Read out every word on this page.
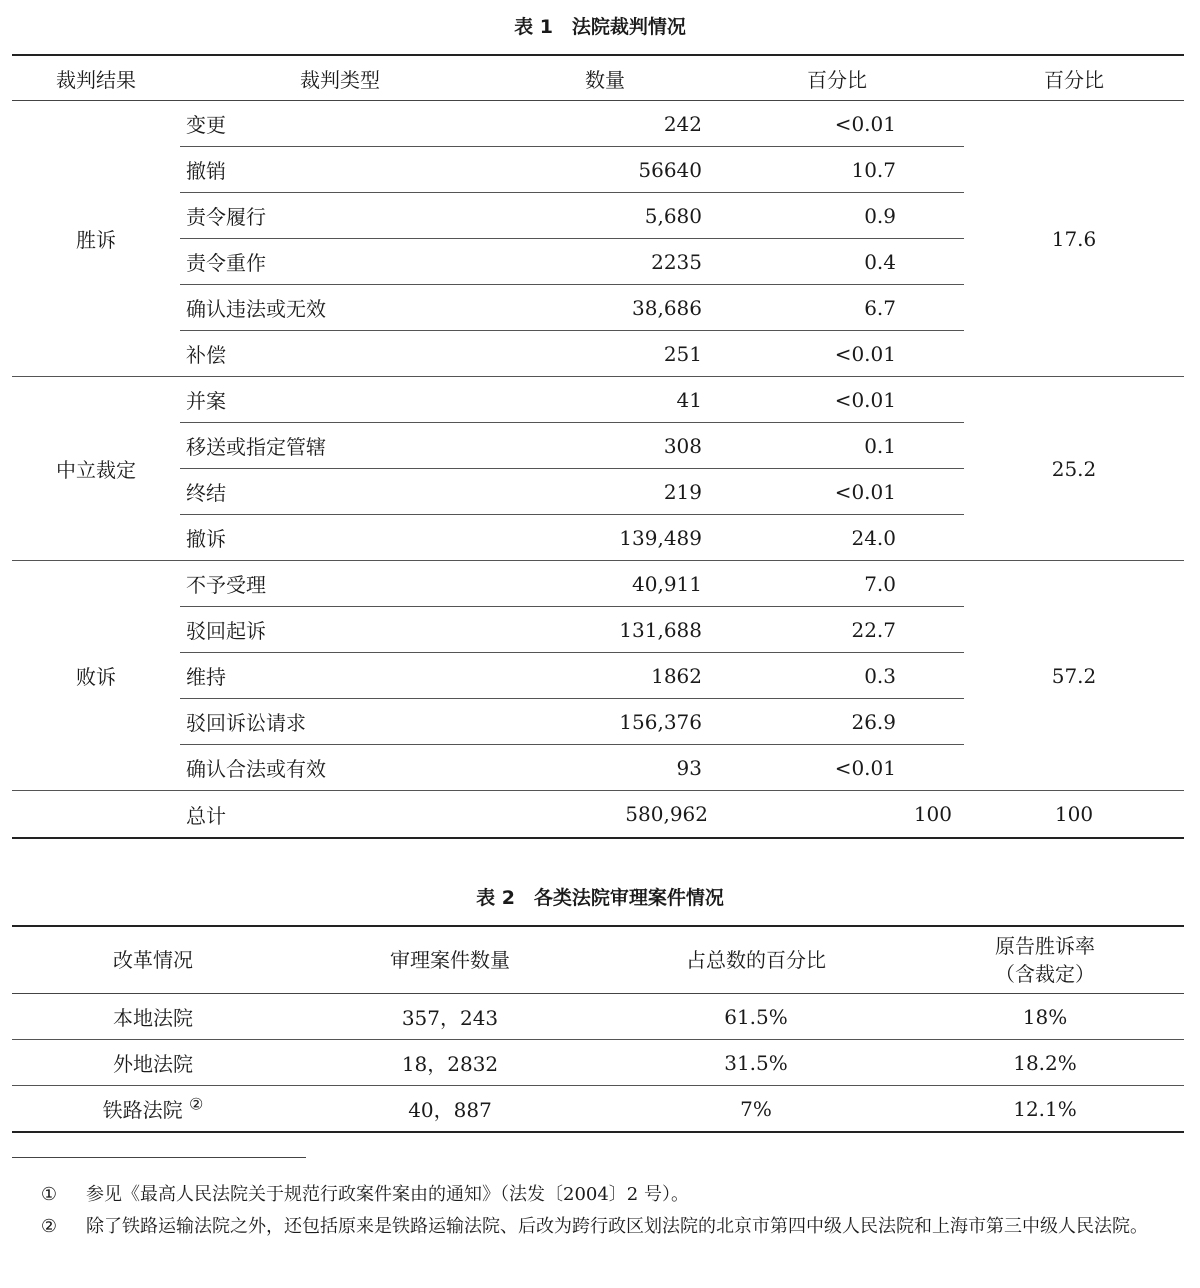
表 1　法院裁判情况
裁判结果	裁判类型	数量	百分比	百分比
胜诉	变更	242	<0.01	17.6
	撤销	56640	10.7	
	责令履行	5,680	0.9	
	责令重作	2235	0.4	
	确认违法或无效	38,686	6.7	
	补偿	251	<0.01	
中立裁定	并案	41	<0.01	25.2
	移送或指定管辖	308	0.1	
	终结	219	<0.01	
	撤诉	139,489	24.0	
败诉	不予受理	40,911	7.0	57.2
	驳回起诉	131,688	22.7	
	维持	1862	0.3	
	驳回诉讼请求	156,376	26.9	
	确认合法或有效	93	<0.01	
	总计	580,962	100	100
表 2　各类法院审理案件情况
改革情况	审理案件数量	占总数的百分比	原告胜诉率
（含裁定）

本地法院	357，243	61.5%	18%
外地法院	18，2832	31.5%	18.2%
铁路法院 ②	40，887	7%	12.1%
① 参见《最高人民法院关于规范行政案件案由的通知》（法发〔2004〕2 号）。
② 除了铁路运输法院之外，还包括原来是铁路运输法院、后改为跨行政区划法院的北京市第四中级人民法院和上海市第三中级人民法院。
